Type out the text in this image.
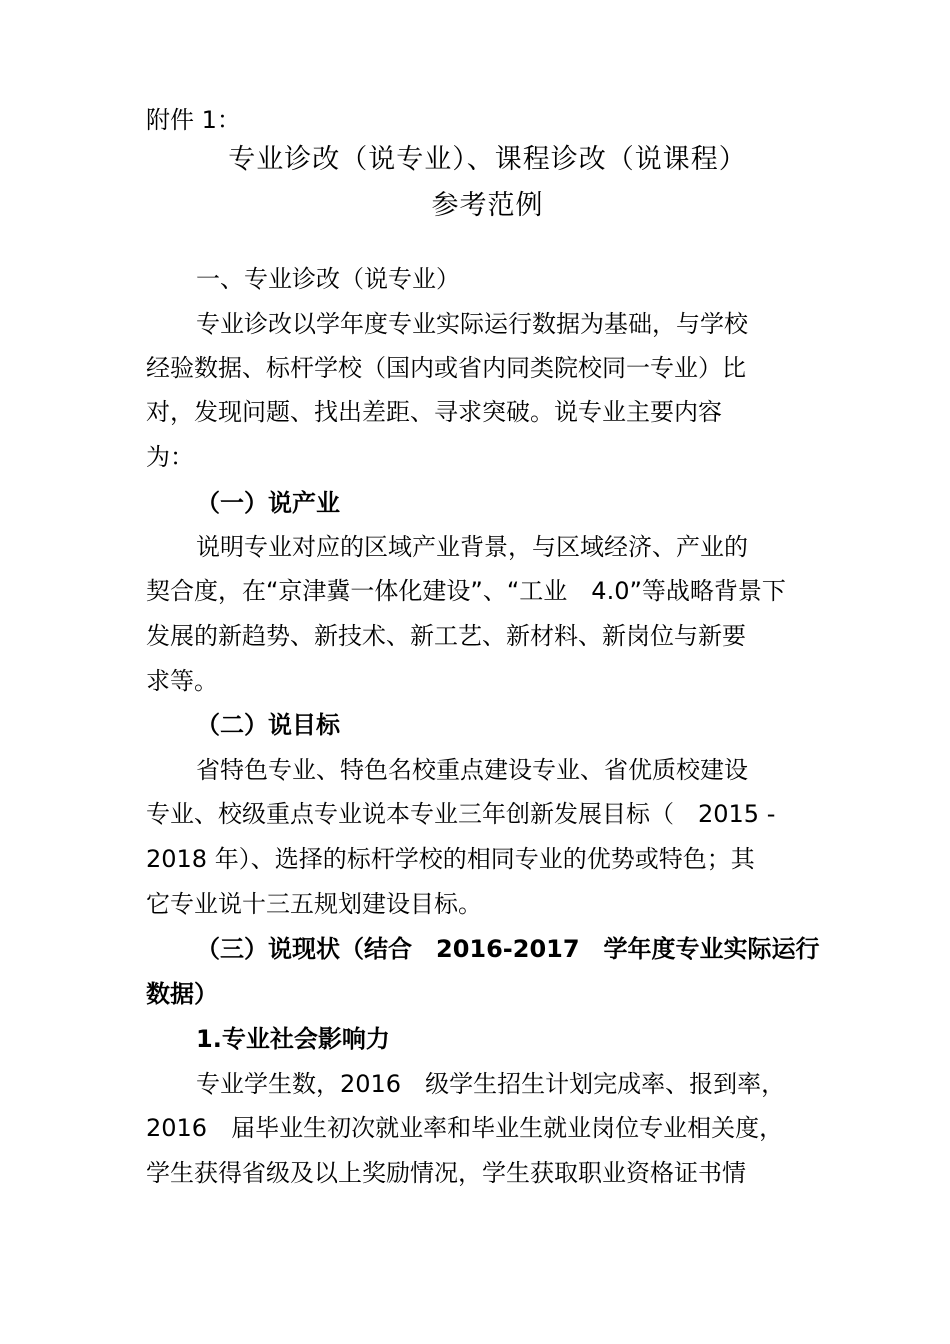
附件 1：
专业诊改（说专业）、课程诊改（说课程）
参考范例
一、专业诊改（说专业）
专业诊改以学年度专业实际运行数据为基础，与学校
经验数据、标杆学校（国内或省内同类院校同一专业）比
对，发现问题、找出差距、寻求突破。说专业主要内容
为：
（一）说产业
说明专业对应的区域产业背景，与区域经济、产业的
契合度，在“京津冀一体化建设”、“工业　4.0”等战略背景下
发展的新趋势、新技术、新工艺、新材料、新岗位与新要
求等。
（二）说目标
省特色专业、特色名校重点建设专业、省优质校建设
专业、校级重点专业说本专业三年创新发展目标（　2015 -
2018 年）、选择的标杆学校的相同专业的优势或特色；其
它专业说十三五规划建设目标。
（三）说现状（结合　2016-2017　学年度专业实际运行
数据）
1.专业社会影响力
专业学生数，2016　级学生招生计划完成率、报到率，
2016　届毕业生初次就业率和毕业生就业岗位专业相关度，
学生获得省级及以上奖励情况，学生获取职业资格证书情
